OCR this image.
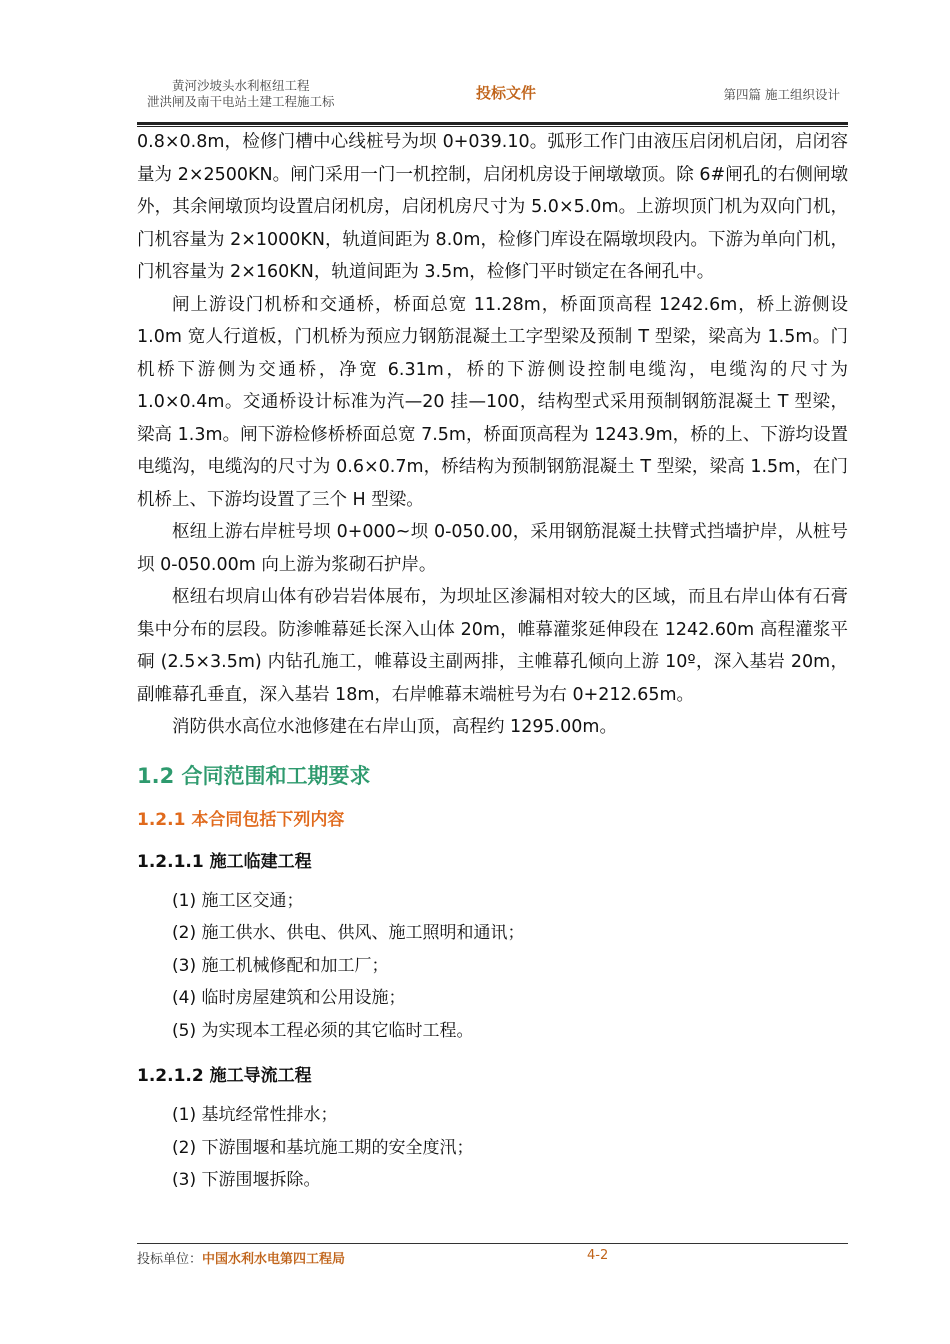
黄河沙坡头水利枢纽工程
泄洪闸及南干电站土建工程施工标	投标文件	第四篇 施工组织设计

0.8×0.8m，检修门槽中心线桩号为坝 0+039.10。弧形工作门由液压启闭机启闭，启闭容量为 2×2500KN。闸门采用一门一机控制，启闭机房设于闸墩墩顶。除 6#闸孔的右侧闸墩外，其余闸墩顶均设置启闭机房，启闭机房尺寸为 5.0×5.0m。上游坝顶门机为双向门机，门机容量为 2×1000KN，轨道间距为 8.0m，检修门库设在隔墩坝段内。下游为单向门机，门机容量为 2×160KN，轨道间距为 3.5m，检修门平时锁定在各闸孔中。

闸上游设门机桥和交通桥，桥面总宽 11.28m，桥面顶高程 1242.6m，桥上游侧设 1.0m 宽人行道板，门机桥为预应力钢筋混凝土工字型梁及预制 T 型梁，梁高为 1.5m。门机桥下游侧为交通桥，净宽 6.31m，桥的下游侧设控制电缆沟，电缆沟的尺寸为 1.0×0.4m。交通桥设计标准为汽—20 挂—100，结构型式采用预制钢筋混凝土 T 型梁，梁高 1.3m。闸下游检修桥桥面总宽 7.5m，桥面顶高程为 1243.9m，桥的上、下游均设置电缆沟，电缆沟的尺寸为 0.6×0.7m，桥结构为预制钢筋混凝土 T 型梁，梁高 1.5m，在门机桥上、下游均设置了三个 H 型梁。

枢纽上游右岸桩号坝 0+000~坝 0-050.00，采用钢筋混凝土扶臂式挡墙护岸，从桩号坝 0-050.00m 向上游为浆砌石护岸。

枢纽右坝肩山体有砂岩岩体展布，为坝址区渗漏相对较大的区域，而且右岸山体有石膏集中分布的层段。防渗帷幕延长深入山体 20m，帷幕灌浆延伸段在 1242.60m 高程灌浆平硐 (2.5×3.5m) 内钻孔施工，帷幕设主副两排，主帷幕孔倾向上游 10º，深入基岩 20m，副帷幕孔垂直，深入基岩 18m，右岸帷幕末端桩号为右 0+212.65m。

消防供水高位水池修建在右岸山顶，高程约 1295.00m。

1.2 合同范围和工期要求
1.2.1 本合同包括下列内容
1.2.1.1 施工临建工程
(1) 施工区交通；
(2) 施工供水、供电、供风、施工照明和通讯；
(3) 施工机械修配和加工厂；
(4) 临时房屋建筑和公用设施；
(5) 为实现本工程必须的其它临时工程。
1.2.1.2 施工导流工程
(1) 基坑经常性排水；
(2) 下游围堰和基坑施工期的安全度汛；
(3) 下游围堰拆除。
投标单位：中国水利水电第四工程局	4-2
